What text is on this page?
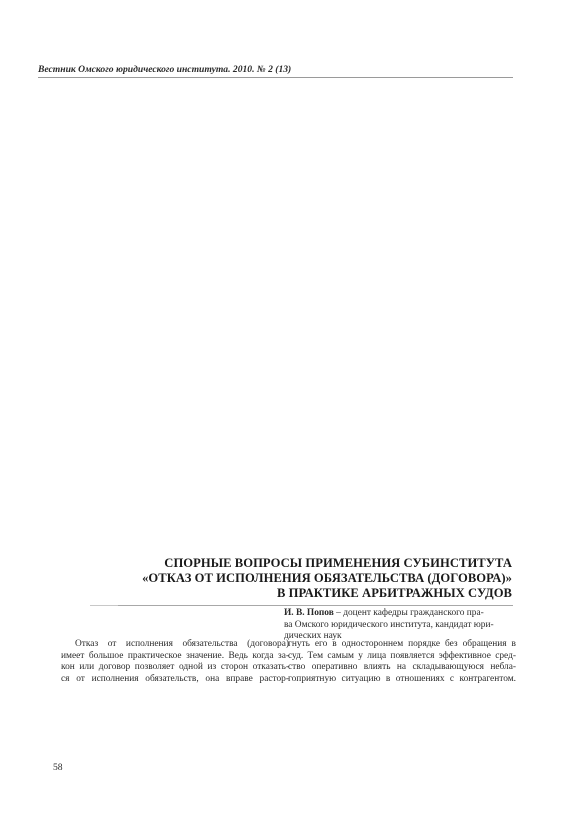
Вестник Омского юридического института. 2010. № 2 (13)
СПОРНЫЕ ВОПРОСЫ ПРИМЕНЕНИЯ СУБИНСТИТУТА
«ОТКАЗ ОТ ИСПОЛНЕНИЯ ОБЯЗАТЕЛЬСТВА (ДОГОВОРА)»
В ПРАКТИКЕ АРБИТРАЖНЫХ СУДОВ
И. В. Попов – доцент кафедры гражданского пра-
ва Омского юридического института, кандидат юри-
дических наук
Отказ от исполнения обязательства (договора)
имеет большое практическое значение. Ведь когда за-
кон или договор позволяет одной из сторон отказать-
ся от исполнения обязательств, она вправе растор-
гнуть его в одностороннем порядке без обращения в
суд. Тем самым у лица появляется эффективное сред-
ство оперативно влиять на складывающуюся небла-
гоприятную ситуацию в отношениях с контрагентом.
58
